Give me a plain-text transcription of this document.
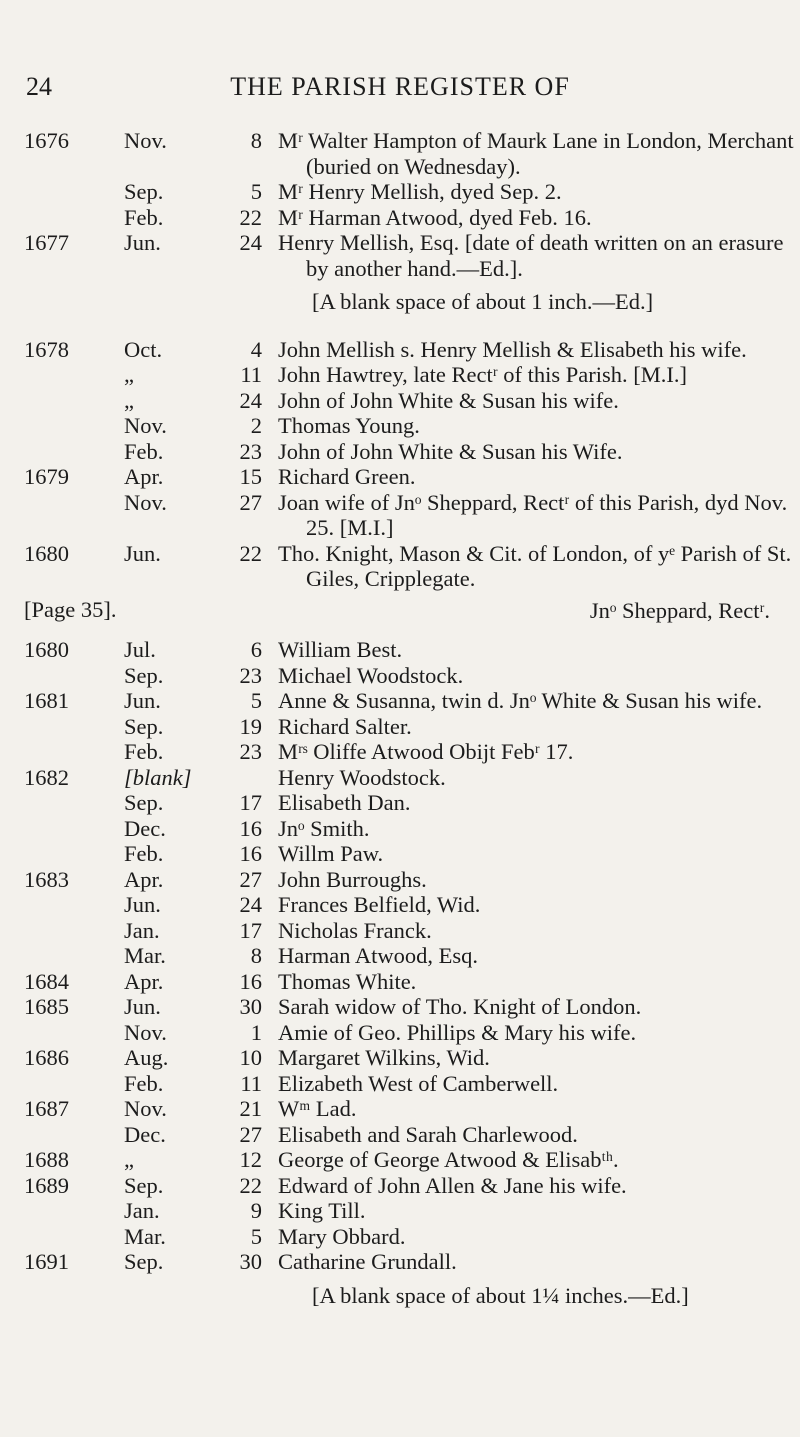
24	THE PARISH REGISTER OF
1676 Nov.	8 Mʳ Walter Hampton of Maurk Lane in London, Merchant (buried on Wednesday).
Sep.	5 Mʳ Henry Mellish, dyed Sep. 2.
Feb.	22 Mʳ Harman Atwood, dyed Feb. 16.
1677 Jun.	24 Henry Mellish, Esq. [date of death written on an erasure by another hand.—Ed.].
[A blank space of about 1 inch.—Ed.]
1678 Oct.	4 John Mellish s. Henry Mellish & Elisabeth his wife.
„	11 John Hawtrey, late Rectʳ of this Parish. [M.I.]
„	24 John of John White & Susan his wife.
Nov.	2 Thomas Young.
Feb.	23 John of John White & Susan his Wife.
1679 Apr.	15 Richard Green.
Nov.	27 Joan wife of Jnᵒ Sheppard, Rectʳ of this Parish, dyd Nov. 25. [M.I.]
1680 Jun.	22 Tho. Knight, Mason & Cit. of London, of yᵉ Parish of St. Giles, Cripplegate.
Jnᵒ Sheppard, Rectʳ.
[Page 35].
1680 Jul.	6 William Best.
Sep.	23 Michael Woodstock.
1681 Jun.	5 Anne & Susanna, twin d. Jnᵒ White & Susan his wife.
Sep.	19 Richard Salter.
Feb.	23 Mʳˢ Oliffe Atwood Obijt Febʳ 17.
1682 [blank]	Henry Woodstock.
Sep.	17 Elisabeth Dan.
Dec.	16 Jnᵒ Smith.
Feb.	16 Willm Paw.
1683 Apr.	27 John Burroughs.
Jun.	24 Frances Belfield, Wid.
Jan.	17 Nicholas Franck.
Mar.	8 Harman Atwood, Esq.
1684 Apr.	16 Thomas White.
1685 Jun.	30 Sarah widow of Tho. Knight of London.
Nov.	1 Amie of Geo. Phillips & Mary his wife.
1686 Aug.	10 Margaret Wilkins, Wid.
Feb.	11 Elizabeth West of Camberwell.
1687 Nov.	21 Wᵐ Lad.
Dec.	27 Elisabeth and Sarah Charlewood.
1688 „	12 George of George Atwood & Elisabᵗʰ.
1689 Sep.	22 Edward of John Allen & Jane his wife.
Jan.	9 King Till.
Mar.	5 Mary Obbard.
1691 Sep.	30 Catharine Grundall.
[A blank space of about 1¼ inches.—Ed.]
